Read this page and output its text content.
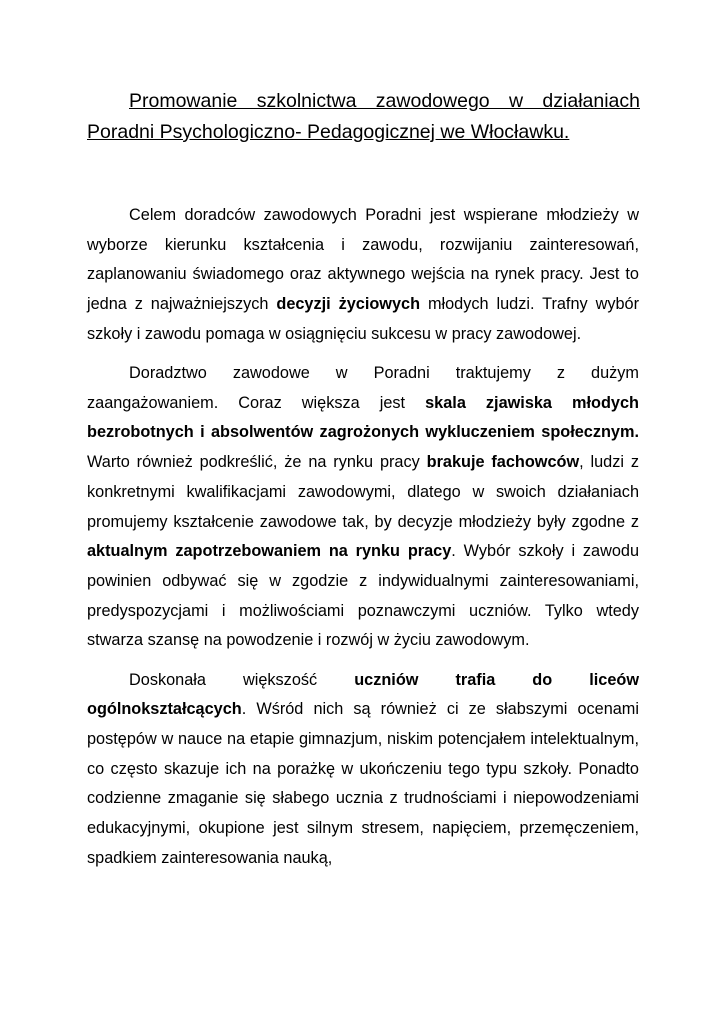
Promowanie szkolnictwa zawodowego w działaniach Poradni Psychologiczno- Pedagogicznej we Włocławku.

Celem doradców zawodowych Poradni jest wspierane młodzieży w wyborze kierunku kształcenia i zawodu, rozwijaniu zainteresowań, zaplanowaniu świadomego oraz aktywnego wejścia na rynek pracy. Jest to jedna z najważniejszych decyzji życiowych młodych ludzi. Trafny wybór szkoły i zawodu pomaga w osiągnięciu sukcesu w pracy zawodowej.

Doradztwo zawodowe w Poradni traktujemy z dużym zaangażowaniem. Coraz większa jest skala zjawiska młodych bezrobotnych i absolwentów zagrożonych wykluczeniem społecznym. Warto również podkreślić, że na rynku pracy brakuje fachowców, ludzi z konkretnymi kwalifikacjami zawodowymi, dlatego w swoich działaniach promujemy kształcenie zawodowe tak, by decyzje młodzieży były zgodne z aktualnym zapotrzebowaniem na rynku pracy. Wybór szkoły i zawodu powinien odbywać się w zgodzie z indywidualnymi zainteresowaniami, predyspozycjami i możliwościami poznawczymi uczniów. Tylko wtedy stwarza szansę na powodzenie i rozwój w życiu zawodowym.

Doskonała większość uczniów trafia do liceów ogólnokształcących. Wśród nich są również ci ze słabszymi ocenami postępów w nauce na etapie gimnazjum, niskim potencjałem intelektualnym, co często skazuje ich na porażkę w ukończeniu tego typu szkoły. Ponadto codzienne zmaganie się słabego ucznia z trudnościami i niepowodzeniami edukacyjnymi, okupione jest silnym stresem, napięciem, przemęczeniem, spadkiem zainteresowania nauką,
